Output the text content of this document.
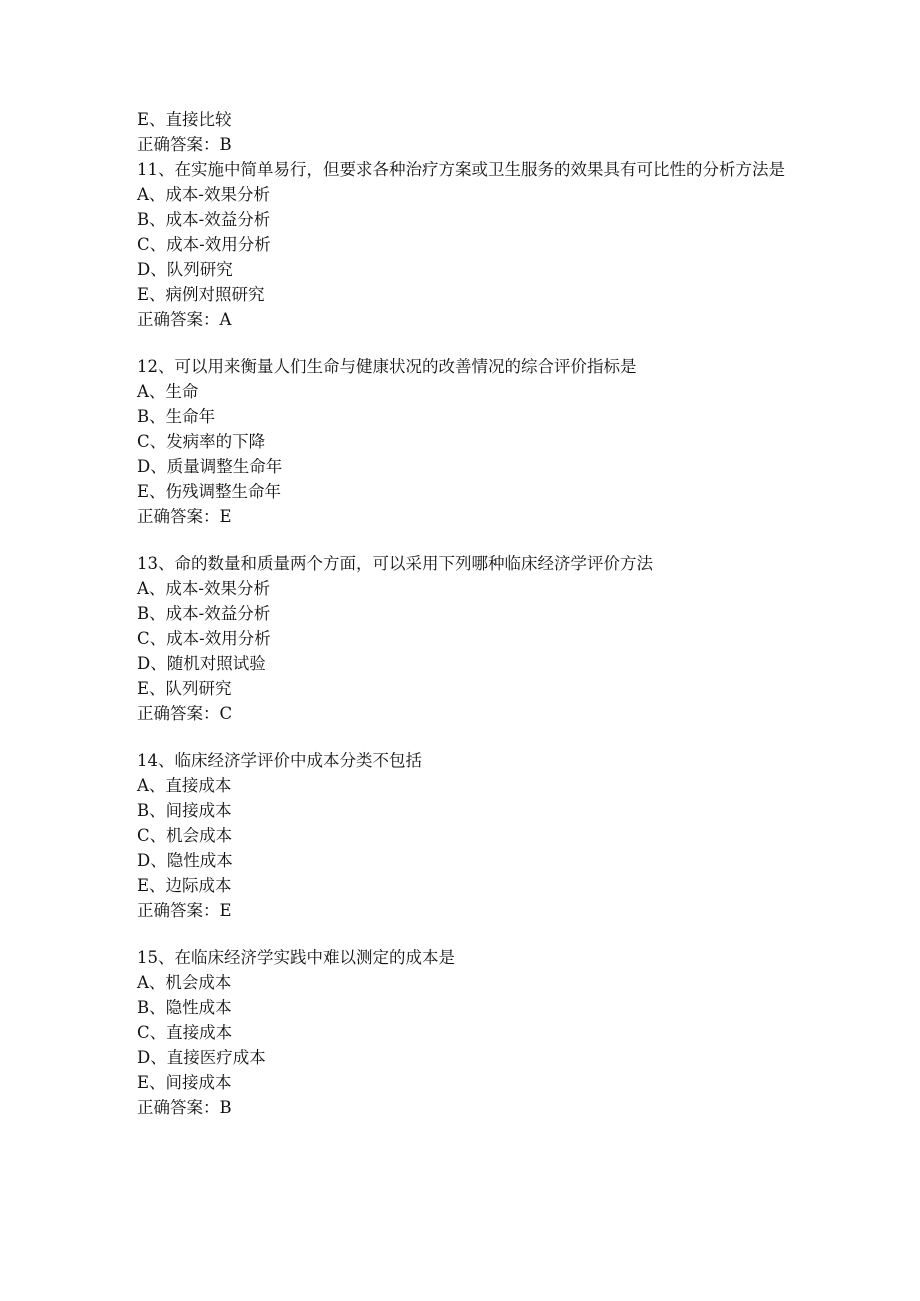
E、直接比较
正确答案：B
11、在实施中简单易行，但要求各种治疗方案或卫生服务的效果具有可比性的分析方法是
A、成本-效果分析
B、成本-效益分析
C、成本-效用分析
D、队列研究
E、病例对照研究
正确答案：A
12、可以用来衡量人们生命与健康状况的改善情况的综合评价指标是
A、生命
B、生命年
C、发病率的下降
D、质量调整生命年
E、伤残调整生命年
正确答案：E
13、命的数量和质量两个方面，可以采用下列哪种临床经济学评价方法
A、成本-效果分析
B、成本-效益分析
C、成本-效用分析
D、随机对照试验
E、队列研究
正确答案：C
14、临床经济学评价中成本分类不包括
A、直接成本
B、间接成本
C、机会成本
D、隐性成本
E、边际成本
正确答案：E
15、在临床经济学实践中难以测定的成本是
A、机会成本
B、隐性成本
C、直接成本
D、直接医疗成本
E、间接成本
正确答案：B
